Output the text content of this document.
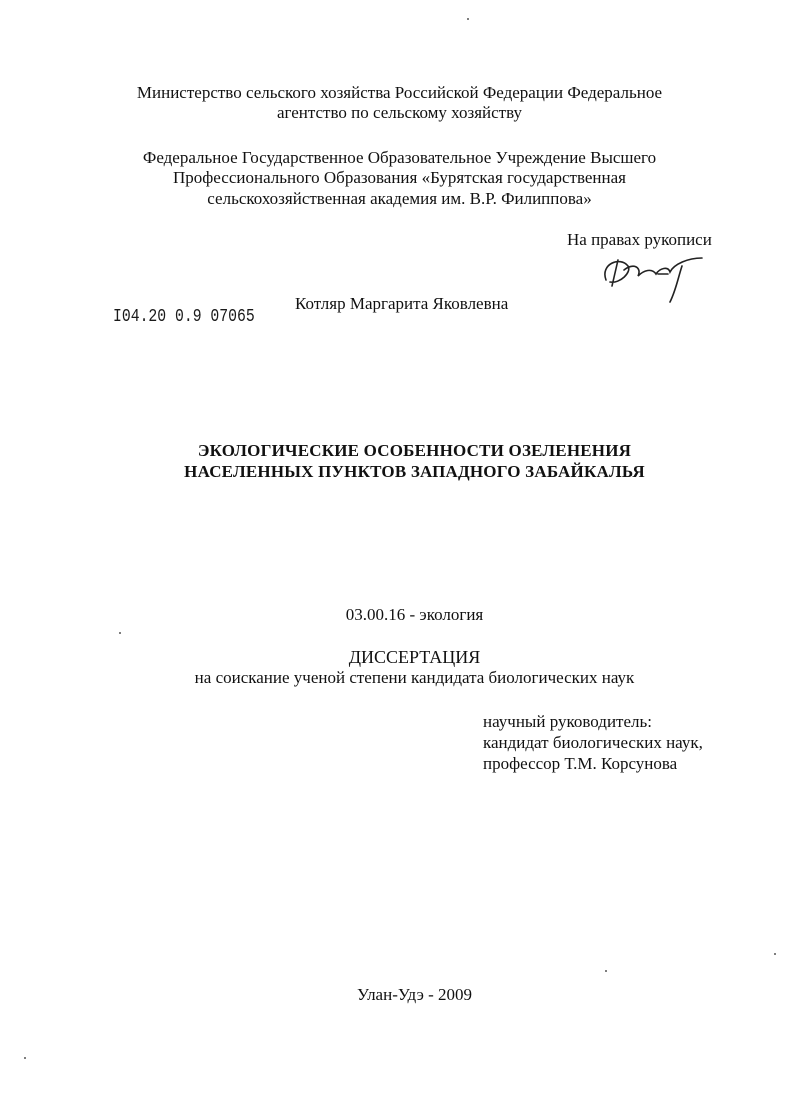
Министерство сельского хозяйства Российской Федерации Федеральное
агентство по сельскому хозяйству
Федеральное Государственное Образовательное Учреждение Высшего
Профессионального Образования «Бурятская государственная
сельскохозяйственная академия им. В.Р. Филиппова»
На правах рукописи
I04.20 0.9 07065
Котляр Маргарита Яковлевна
ЭКОЛОГИЧЕСКИЕ ОСОБЕННОСТИ ОЗЕЛЕНЕНИЯ
НАСЕЛЕННЫХ ПУНКТОВ ЗАПАДНОГО ЗАБАЙКАЛЬЯ
03.00.16 - экология
ДИССЕРТАЦИЯ
на соискание ученой степени кандидата биологических наук
научный руководитель:
кандидат биологических наук,
профессор Т.М. Корсунова
Улан-Удэ - 2009
